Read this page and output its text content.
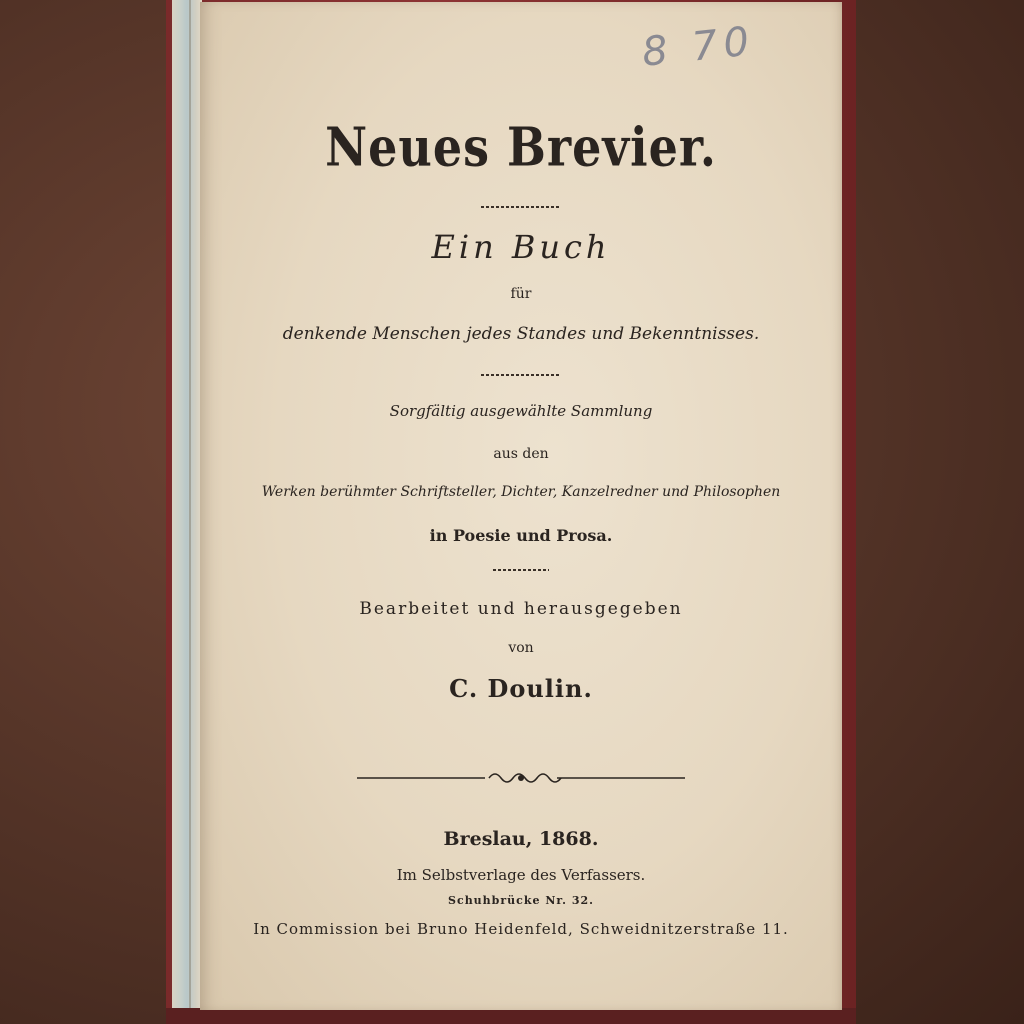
8 70
Neues Brevier.
Ein Buch
für
denkende Menschen jedes Standes und Bekenntnisses.
Sorgfältig ausgewählte Sammlung
aus den
Werken berühmter Schriftsteller, Dichter, Kanzelredner und Philosophen
in Poesie und Prosa.
Bearbeitet und herausgegeben
von
C. Doulin.
Breslau, 1868.
Im Selbstverlage des Verfassers.
Schuhbrücke Nr. 32.
In Commission bei Bruno Heidenfeld, Schweidnitzerstraße 11.
